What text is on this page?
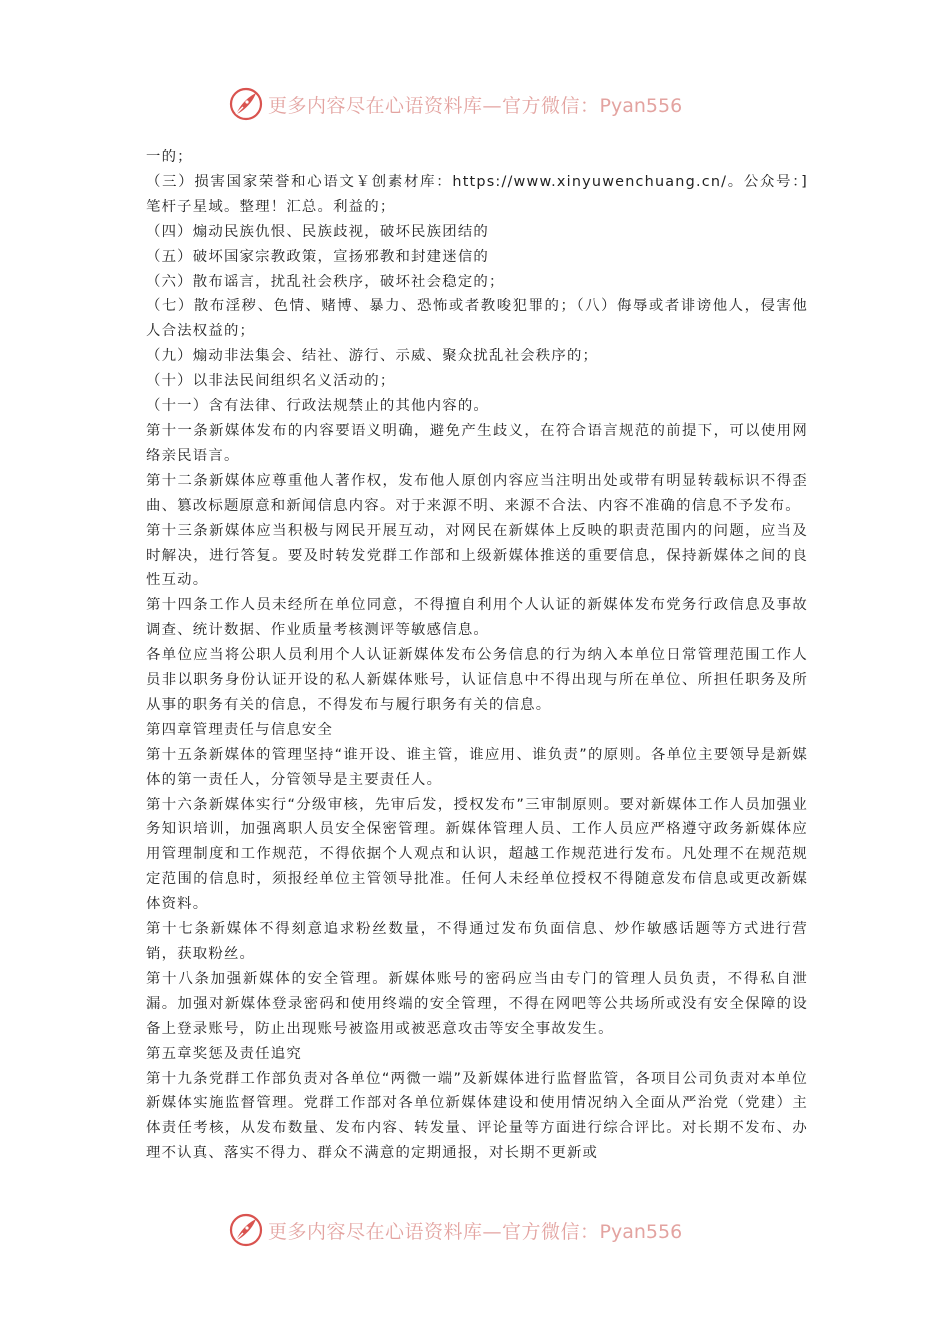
更多内容尽在心语资料库—官方微信：Pyan556

一的；

（三）损害国家荣誉和心语文￥创素材库：https://www.xinyuwenchuang.cn/。公众号：]笔杆子星域。整理！汇总。利益的；

（四）煽动民族仇恨、民族歧视，破坏民族团结的

（五）破坏国家宗教政策，宣扬邪教和封建迷信的

（六）散布谣言，扰乱社会秩序，破坏社会稳定的；

（七）散布淫秽、色情、赌博、暴力、恐怖或者教唆犯罪的；（八）侮辱或者诽谤他人，侵害他人合法权益的；

（九）煽动非法集会、结社、游行、示威、聚众扰乱社会秩序的；

（十）以非法民间组织名义活动的；

（十一）含有法律、行政法规禁止的其他内容的。

第十一条新媒体发布的内容要语义明确，避免产生歧义，在符合语言规范的前提下，可以使用网络亲民语言。

第十二条新媒体应尊重他人著作权，发布他人原创内容应当注明出处或带有明显转载标识不得歪曲、篡改标题原意和新闻信息内容。对于来源不明、来源不合法、内容不准确的信息不予发布。

第十三条新媒体应当积极与网民开展互动，对网民在新媒体上反映的职责范围内的问题，应当及时解决，进行答复。要及时转发党群工作部和上级新媒体推送的重要信息，保持新媒体之间的良性互动。

第十四条工作人员未经所在单位同意，不得擅自利用个人认证的新媒体发布党务行政信息及事故调查、统计数据、作业质量考核测评等敏感信息。

各单位应当将公职人员利用个人认证新媒体发布公务信息的行为纳入本单位日常管理范围工作人员非以职务身份认证开设的私人新媒体账号，认证信息中不得出现与所在单位、所担任职务及所从事的职务有关的信息，不得发布与履行职务有关的信息。

第四章管理责任与信息安全

第十五条新媒体的管理坚持“谁开设、谁主管，谁应用、谁负责”的原则。各单位主要领导是新媒体的第一责任人，分管领导是主要责任人。

第十六条新媒体实行“分级审核，先审后发，授权发布”三审制原则。要对新媒体工作人员加强业务知识培训，加强离职人员安全保密管理。新媒体管理人员、工作人员应严格遵守政务新媒体应用管理制度和工作规范，不得依据个人观点和认识，超越工作规范进行发布。凡处理不在规范规定范围的信息时，须报经单位主管领导批准。任何人未经单位授权不得随意发布信息或更改新媒体资料。

第十七条新媒体不得刻意追求粉丝数量，不得通过发布负面信息、炒作敏感话题等方式进行营销，获取粉丝。

第十八条加强新媒体的安全管理。新媒体账号的密码应当由专门的管理人员负责，不得私自泄漏。加强对新媒体登录密码和使用终端的安全管理，不得在网吧等公共场所或没有安全保障的设备上登录账号，防止出现账号被盗用或被恶意攻击等安全事故发生。

第五章奖惩及责任追究

第十九条党群工作部负责对各单位“两微一端”及新媒体进行监督监管，各项目公司负责对本单位新媒体实施监督管理。党群工作部对各单位新媒体建设和使用情况纳入全面从严治党（党建）主体责任考核，从发布数量、发布内容、转发量、评论量等方面进行综合评比。对长期不发布、办理不认真、落实不得力、群众不满意的定期通报，对长期不更新或

更多内容尽在心语资料库—官方微信：Pyan556
